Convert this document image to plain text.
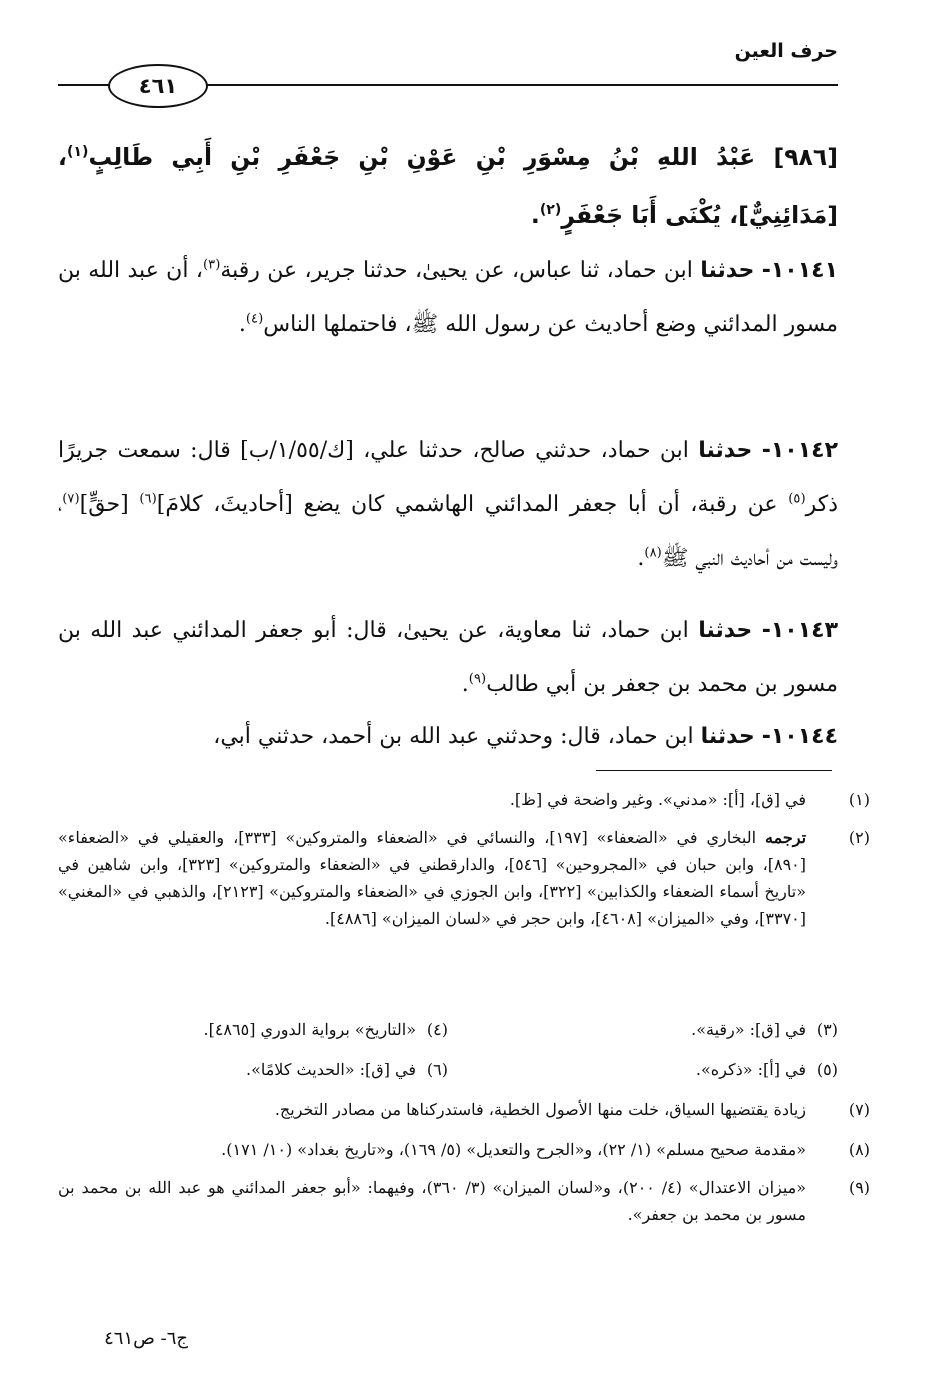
حرف العين
٤٦١
[٩٨٦] عَبْدُ اللهِ بْنُ مِسْوَرِ بْنِ عَوْنِ بْنِ جَعْفَرِ بْنِ أَبِي طَالِبٍ$^{(١)}$، [مَدَائِنِيٌّ]، يُكْنَى أَبَا جَعْفَرٍ$^{(٢)}$.
١٠١٤١- حدثنا ابن حماد، ثنا عباس، عن يحيىٰ، حدثنا جرير، عن رقبة$^{(٣)}$، أن عبد الله بن مسور المدائني وضع أحاديث عن رسول الله ﷺ، فاحتملها الناس$^{(٤)}$.
١٠١٤٢- حدثنا ابن حماد، حدثني صالح، حدثنا علي، [ك/١/٥٥/ب] قال: سمعت جريرًا ذكر$^{(٥)}$ عن رقبة، أن أبا جعفر المدائني الهاشمي كان يضع [أحاديثَ، كلامَ]$^{(٦)}$ [حقٍّ]$^{(٧)}$، وليست من أحاديث النبي ﷺ$^{(٨)}$.
١٠١٤٣- حدثنا ابن حماد، ثنا معاوية، عن يحيىٰ، قال: أبو جعفر المدائني عبد الله بن مسور بن محمد بن جعفر بن أبي طالب$^{(٩)}$.
١٠١٤٤- حدثنا ابن حماد، قال: وحدثني عبد الله بن أحمد، حدثني أبي،
(١)في [ق]، [أ]: «مدني». وغير واضحة في [ظ].
(٢)ترجمه البخاري في «الضعفاء» [١٩٧]، والنسائي في «الضعفاء والمتروكين» [٣٣٣]، والعقيلي في «الضعفاء» [٨٩٠]، وابن حبان في «المجروحين» [٥٤٦]، والدارقطني في «الضعفاء والمتروكين» [٣٢٣]، وابن شاهين في «تاريخ أسماء الضعفاء والكذابين» [٣٢٢]، وابن الجوزي في «الضعفاء والمتروكين» [٢١٢٣]، والذهبي في «المغني» [٣٣٧٠]، وفي «الميزان» [٤٦٠٨]، وابن حجر في «لسان الميزان» [٤٨٨٦].
(٣)في [ق]: «رقية».
(٤)«التاريخ» برواية الدوري [٤٨٦٥].
(٥)في [أ]: «ذكره».
(٦)في [ق]: «الحديث كلامًا».
(٧)زيادة يقتضيها السياق، خلت منها الأصول الخطية، فاستدركناها من مصادر التخريج.
(٨)«مقدمة صحيح مسلم» (١/ ٢٢)، و«الجرح والتعديل» (٥/ ١٦٩)، و«تاريخ بغداد» (١٠/ ١٧١).
(٩)«ميزان الاعتدال» (٤/ ٢٠٠)، و«لسان الميزان» (٣/ ٣٦٠)، وفيهما: «أبو جعفر المدائني هو عبد الله بن محمد بن مسور بن محمد بن جعفر».
ج٦- ص٤٦١
